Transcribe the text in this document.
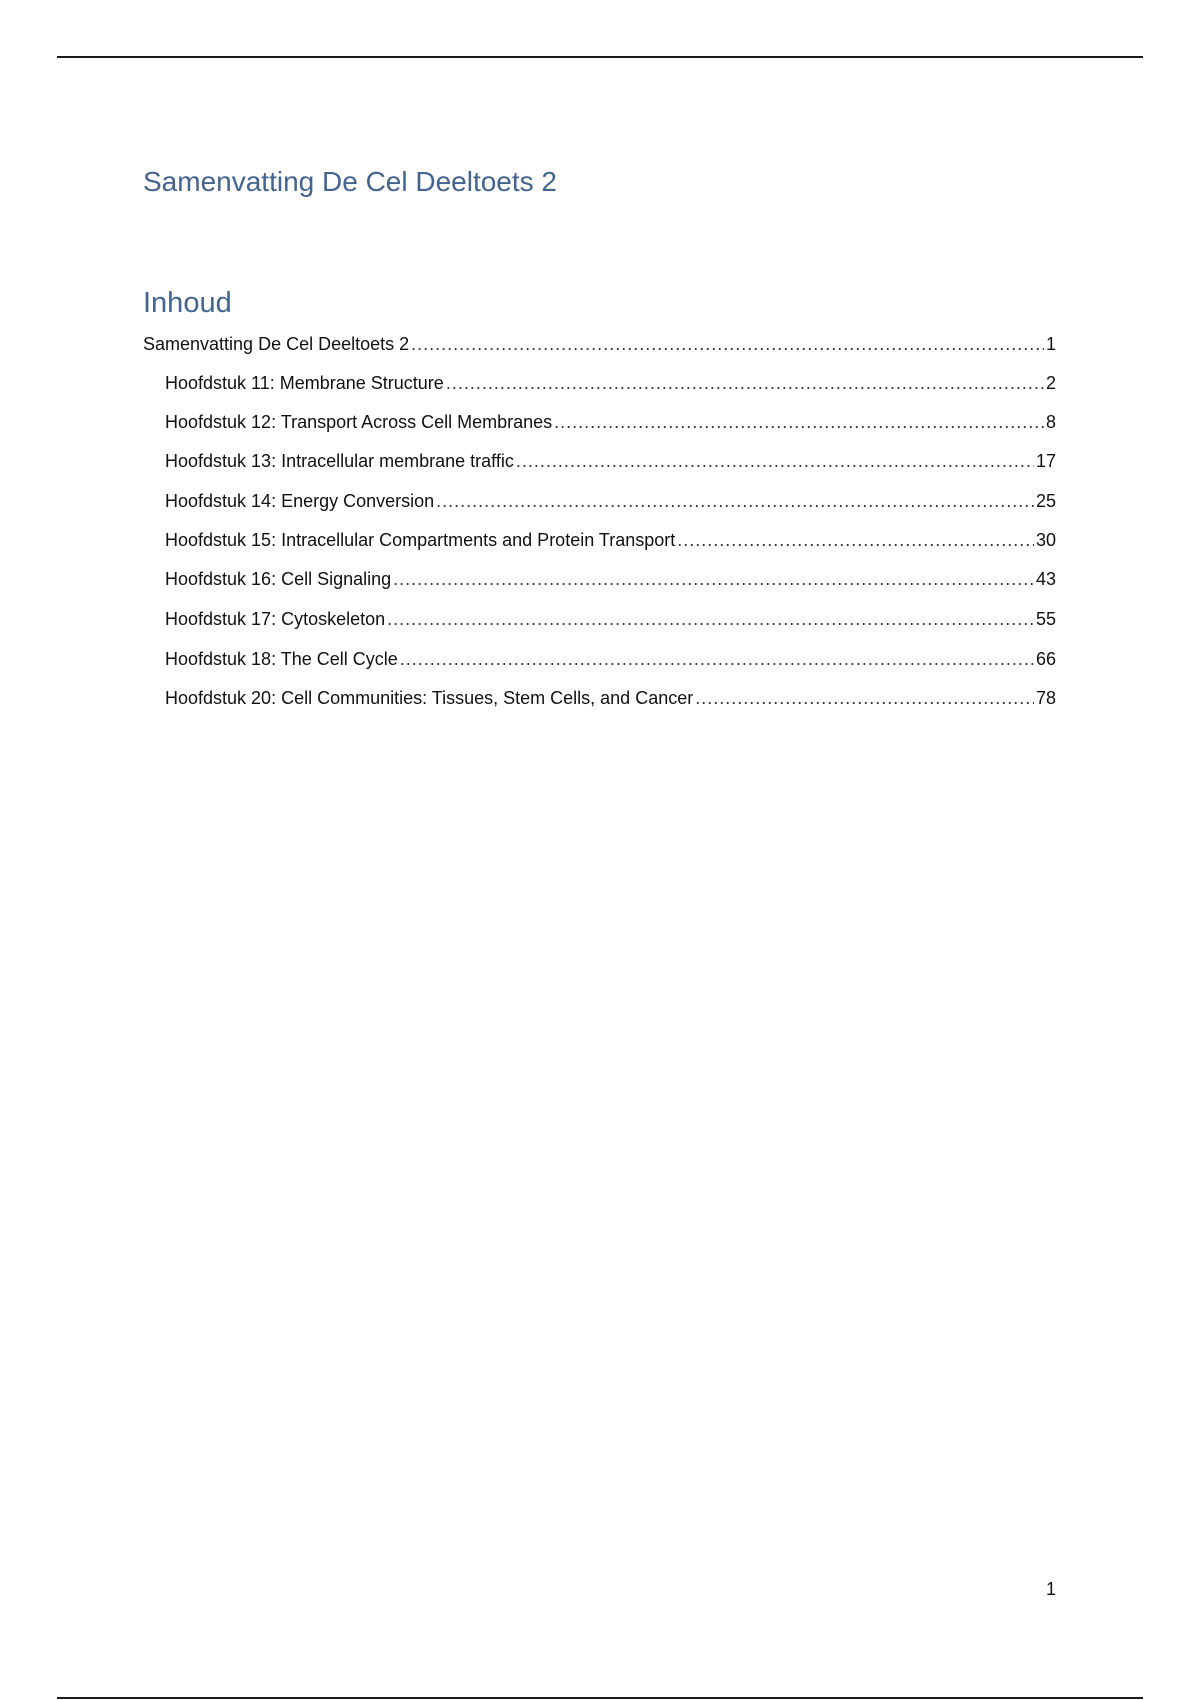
Samenvatting De Cel Deeltoets 2
Inhoud
Samenvatting De Cel Deeltoets 2 .....	1
Hoofdstuk 11: Membrane Structure .....	2
Hoofdstuk 12: Transport Across Cell Membranes .....	8
Hoofdstuk 13: Intracellular membrane traffic .....	17
Hoofdstuk 14: Energy Conversion .....	25
Hoofdstuk 15: Intracellular Compartments and Protein Transport .....	30
Hoofdstuk 16: Cell Signaling .....	43
Hoofdstuk 17: Cytoskeleton .....	55
Hoofdstuk 18: The Cell Cycle .....	66
Hoofdstuk 20: Cell Communities: Tissues, Stem Cells, and Cancer .....	78
1
